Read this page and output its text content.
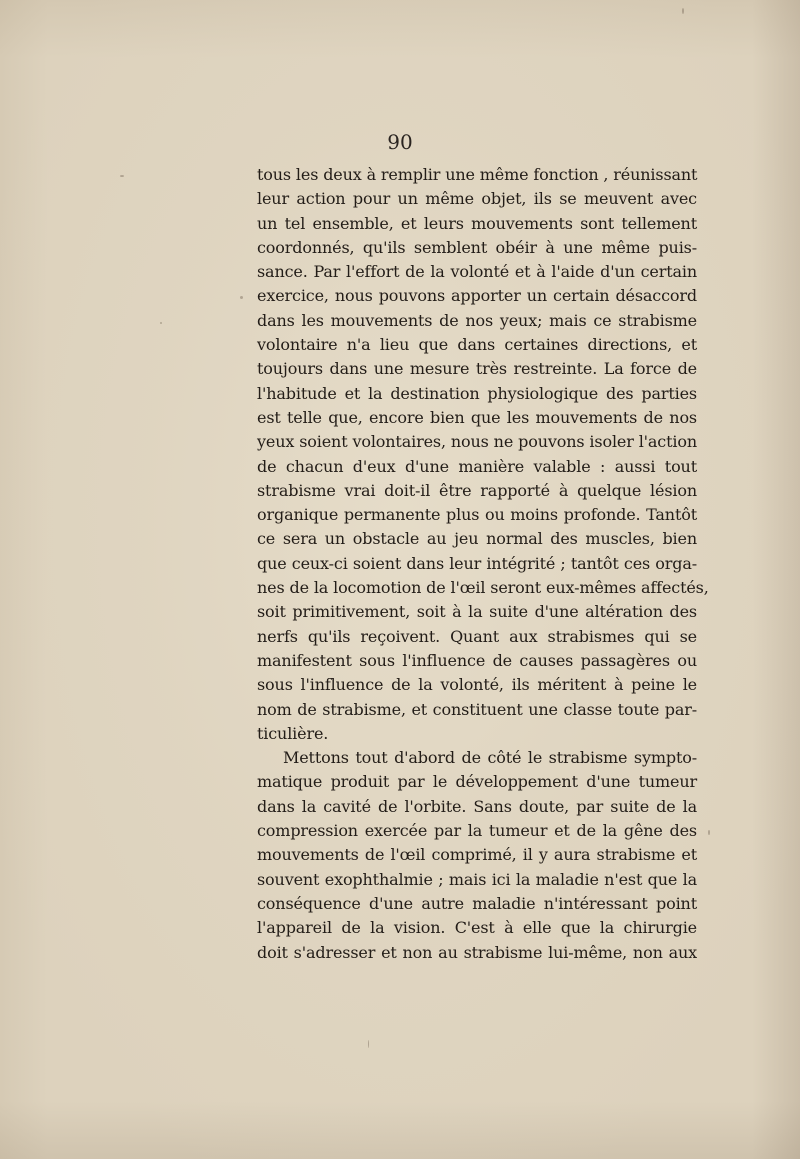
90
tous les deux à remplir une même fonction , réunissant
leur action pour un même objet, ils se meuvent avec
un tel ensemble, et leurs mouvements sont tellement
coordonnés, qu'ils semblent obéir à une même puis-
sance. Par l'effort de la volonté et à l'aide d'un certain
exercice, nous pouvons apporter un certain désaccord
dans les mouvements de nos yeux; mais ce strabisme
volontaire n'a lieu que dans certaines directions, et
toujours dans une mesure très restreinte. La force de
l'habitude et la destination physiologique des parties
est telle que, encore bien que les mouvements de nos
yeux soient volontaires, nous ne pouvons isoler l'action
de chacun d'eux d'une manière valable : aussi tout
strabisme vrai doit-il être rapporté à quelque lésion
organique permanente plus ou moins profonde. Tantôt
ce sera un obstacle au jeu normal des muscles, bien
que ceux-ci soient dans leur intégrité ; tantôt ces orga-
nes de la locomotion de l'œil seront eux-mêmes affectés,
soit primitivement, soit à la suite d'une altération des
nerfs qu'ils reçoivent. Quant aux strabismes qui se
manifestent sous l'influence de causes passagères ou
sous l'influence de la volonté, ils méritent à peine le
nom de strabisme, et constituent une classe toute par-
ticulière.
Mettons tout d'abord de côté le strabisme sympto-
matique produit par le développement d'une tumeur
dans la cavité de l'orbite. Sans doute, par suite de la
compression exercée par la tumeur et de la gêne des
mouvements de l'œil comprimé, il y aura strabisme et
souvent exophthalmie ; mais ici la maladie n'est que la
conséquence d'une autre maladie n'intéressant point
l'appareil de la vision. C'est à elle que la chirurgie
doit s'adresser et non au strabisme lui-même, non aux
